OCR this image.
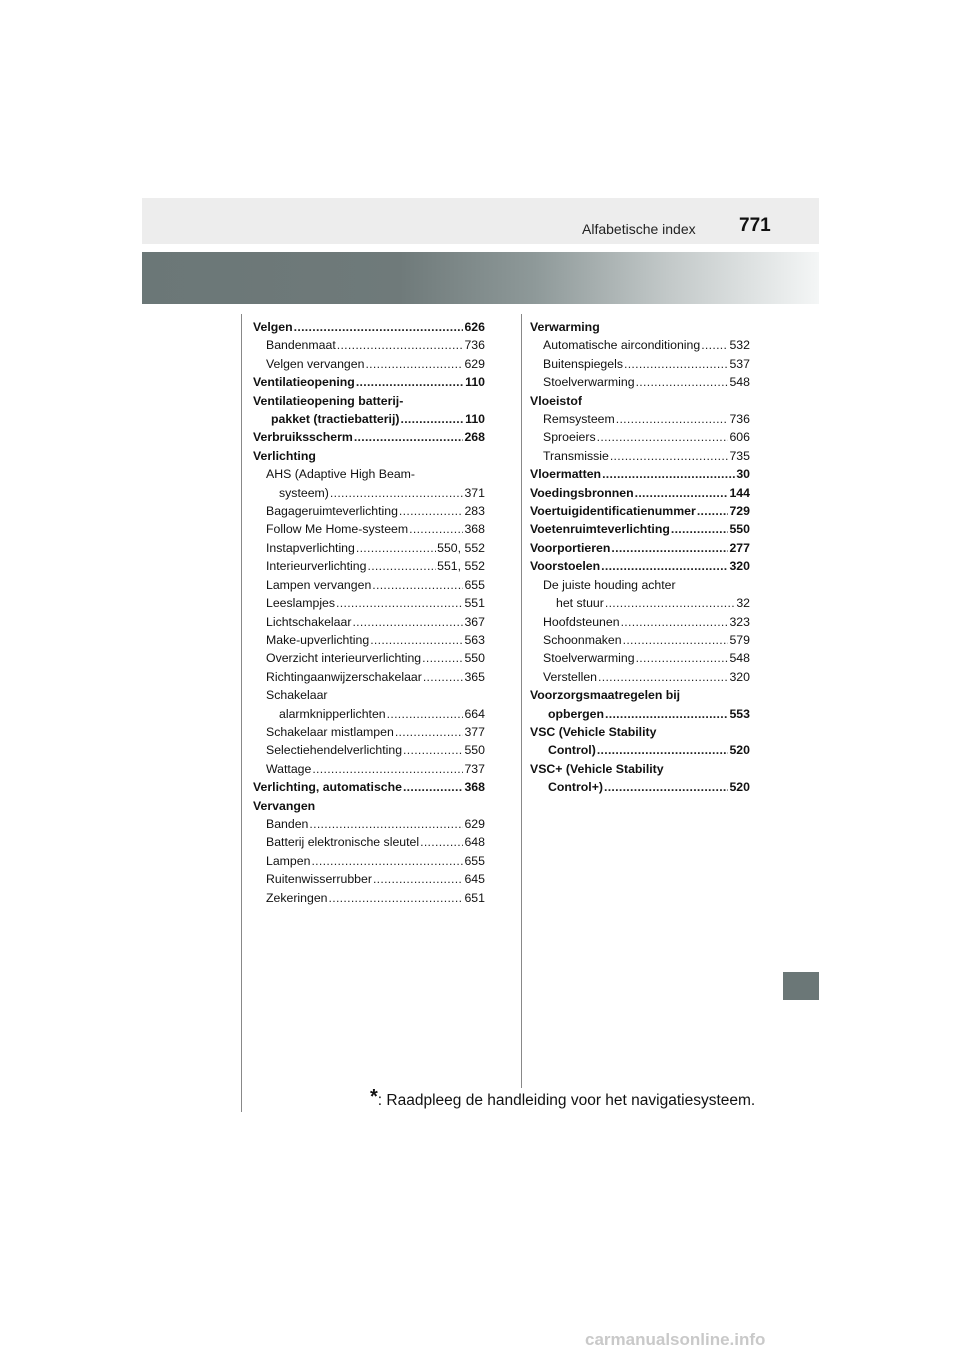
Alfabetische index 771
Velgen .....	626
Bandenmaat .....	736
Velgen vervangen .....	629
Ventilatieopening .....	110
Ventilatieopening batterij-
pakket (tractiebatterij) .....	110
Verbruiksscherm .....	268
Verlichting
AHS (Adaptive High Beam-
systeem) .....	371
Bagageruimteverlichting .....	283
Follow Me Home-systeem .....	368
Instapverlichting .....	550, 552
Interieurverlichting .....	551, 552
Lampen vervangen .....	655
Leeslampjes .....	551
Lichtschakelaar .....	367
Make-upverlichting .....	563
Overzicht interieurverlichting .....	550
Richtingaanwijzerschakelaar .....	365
Schakelaar
alarmknipperlichten .....	664
Schakelaar mistlampen .....	377
Selectiehendelverlichting .....	550
Wattage .....	737
Verlichting, automatische .....	368
Vervangen
Banden .....	629
Batterij elektronische sleutel .....	648
Lampen .....	655
Ruitenwisserrubber .....	645
Zekeringen .....	651
Verwarming
Automatische airconditioning ..... 532
Buitenspiegels .....	537
Stoelverwarming .....	548
Vloeistof
Remsysteem .....	736
Sproeiers .....	606
Transmissie .....	735
Vloermatten .....	30
Voedingsbronnen .....	144
Voertuigidentificatienummer .....	729
Voetenruimteverlichting .....	550
Voorportieren .....	277
Voorstoelen .....	320
De juiste houding achter
het stuur .....	32
Hoofdsteunen .....	323
Schoonmaken .....	579
Stoelverwarming .....	548
Verstellen .....	320
Voorzorgsmaatregelen bij
opbergen .....	553
VSC (Vehicle Stability
Control) .....	520
VSC+ (Vehicle Stability
Control+) .....	520
*: Raadpleeg de handleiding voor het navigatiesysteem.
carmanualsonline.info
